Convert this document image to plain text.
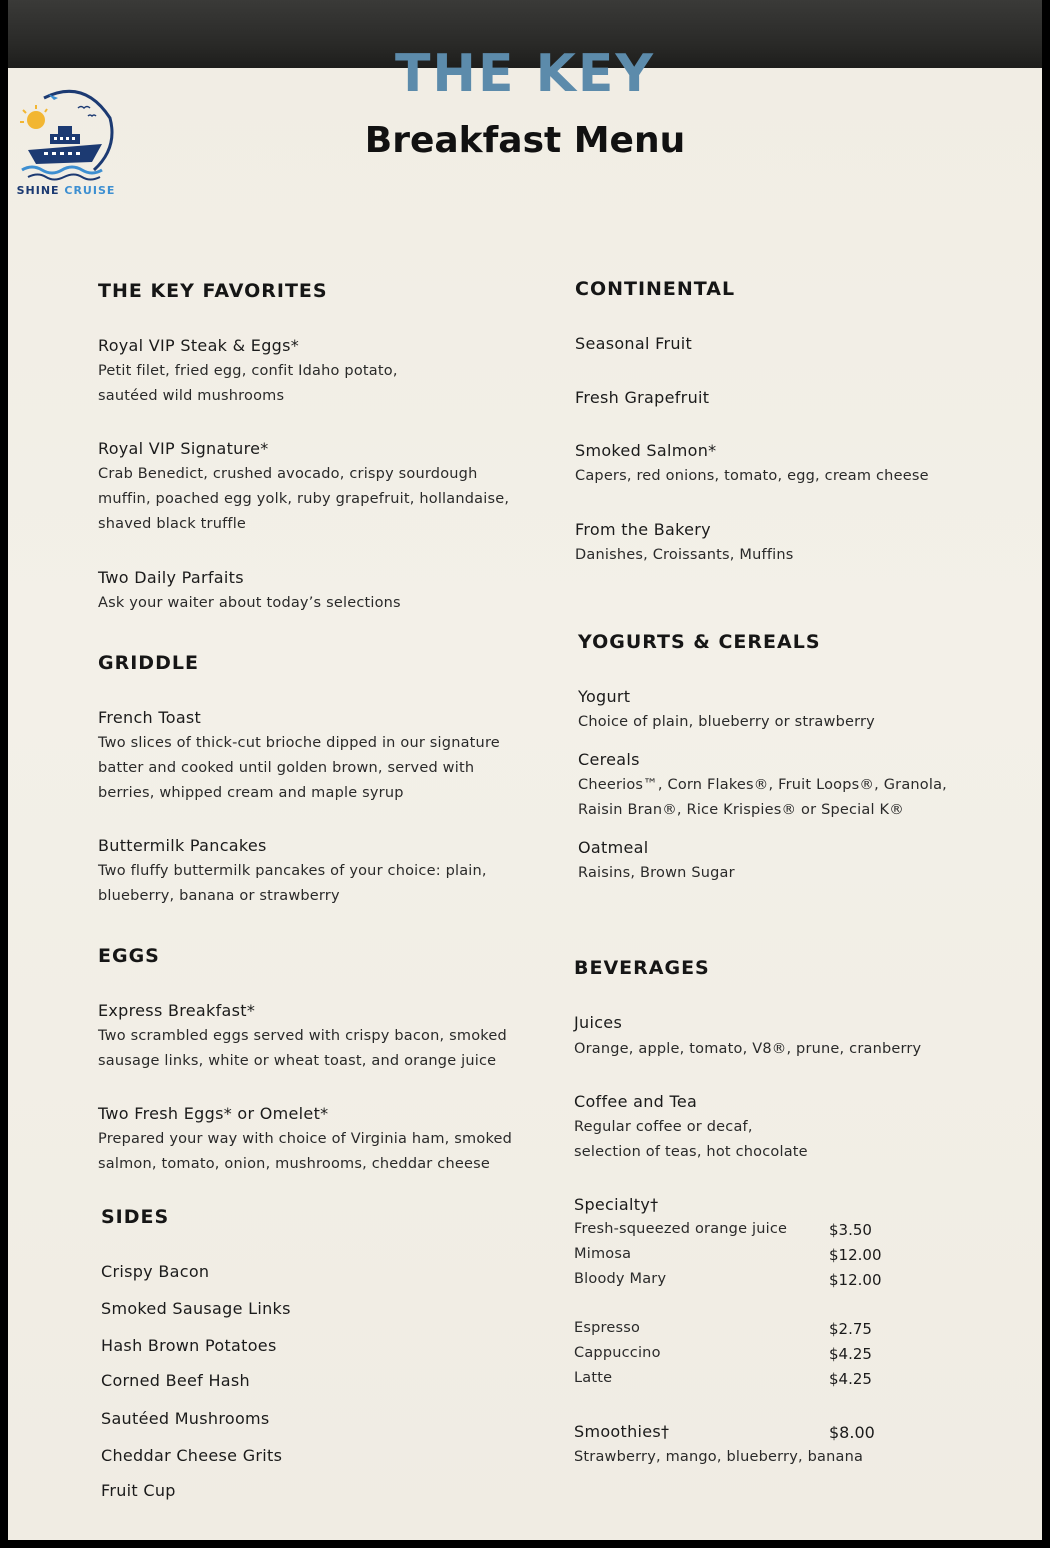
SHINE CRUISE
THE KEY
Breakfast Menu
THE KEY FAVORITES
Royal VIP Steak & Eggs*
Petit filet, fried egg, confit Idaho potato,
sautéed wild mushrooms
Royal VIP Signature*
Crab Benedict, crushed avocado, crispy sourdough
muffin, poached egg yolk, ruby grapefruit, hollandaise,
shaved black truffle
Two Daily Parfaits
Ask your waiter about today’s selections
GRIDDLE
French Toast
Two slices of thick-cut brioche dipped in our signature
batter and cooked until golden brown, served with
berries, whipped cream and maple syrup
Buttermilk Pancakes
Two fluffy buttermilk pancakes of your choice: plain,
blueberry, banana or strawberry
EGGS
Express Breakfast*
Two scrambled eggs served with crispy bacon, smoked
sausage links, white or wheat toast, and orange juice
Two Fresh Eggs* or Omelet*
Prepared your way with choice of Virginia ham, smoked
salmon, tomato, onion, mushrooms, cheddar cheese
SIDES
Crispy Bacon
Smoked Sausage Links
Hash Brown Potatoes
Corned Beef Hash
Sautéed Mushrooms
Cheddar Cheese Grits
Fruit Cup
CONTINENTAL
Seasonal Fruit
Fresh Grapefruit
Smoked Salmon*
Capers, red onions, tomato, egg, cream cheese
From the Bakery
Danishes, Croissants, Muffins
YOGURTS & CEREALS
Yogurt
Choice of plain, blueberry or strawberry
Cereals
Cheerios™, Corn Flakes®, Fruit Loops®, Granola,
Raisin Bran®, Rice Krispies® or Special K®
Oatmeal
Raisins, Brown Sugar
BEVERAGES
Juices
Orange, apple, tomato, V8®, prune, cranberry
Coffee and Tea
Regular coffee or decaf,
selection of teas, hot chocolate
Specialty†
Fresh-squeezed orange juice	$3.50
Mimosa	$12.00
Bloody Mary	$12.00
Espresso	$2.75
Cappuccino	$4.25
Latte	$4.25
Smoothies†	$8.00
Strawberry, mango, blueberry, banana
